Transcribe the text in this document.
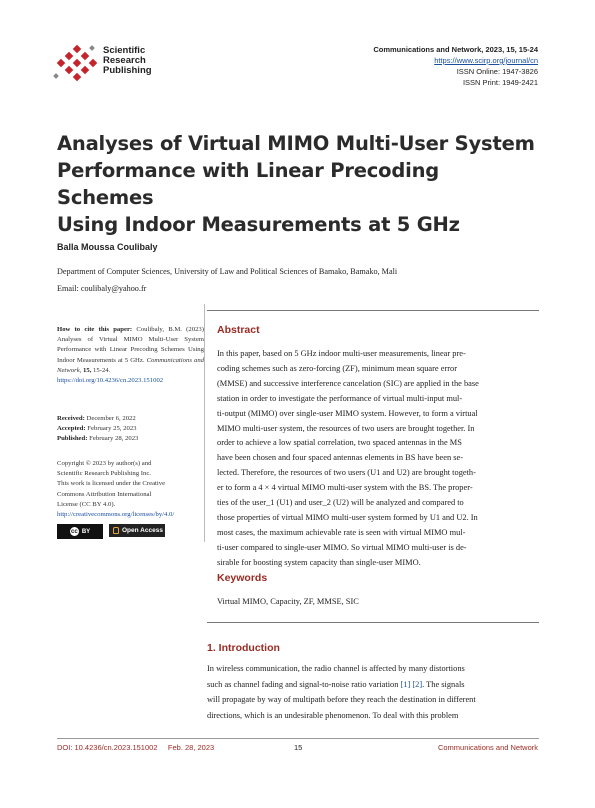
Scientific
Research
Publishing
Communications and Network, 2023, 15, 15-24
https://www.scirp.org/journal/cn
ISSN Online: 1947-3826
ISSN Print: 1949-2421
Analyses of Virtual MIMO Multi-User System
Performance with Linear Precoding Schemes
Using Indoor Measurements at 5 GHz
Balla Moussa Coulibaly
Department of Computer Sciences, University of Law and Political Sciences of Bamako, Bamako, Mali
Email: coulibaly@yahoo.fr
How to cite this paper: Coulibaly, B.M. (2023) Analyses of Virtual MIMO Multi-User System Performance with Linear Precoding Schemes Using Indoor Measurements at 5 GHz. Communications and Network, 15, 15-24.
https://doi.org/10.4236/cn.2023.151002
Received: December 6, 2022
Accepted: February 25, 2023
Published: February 28, 2023
Copyright © 2023 by author(s) and
Scientific Research Publishing Inc.
This work is licensed under the Creative
Commons Attribution International
License (CC BY 4.0).
http://creativecommons.org/licenses/by/4.0/
cc BY	Open Access
Abstract
In this paper, based on 5 GHz indoor multi-user measurements, linear pre-
coding schemes such as zero-forcing (ZF), minimum mean square error
(MMSE) and successive interference cancelation (SIC) are applied in the base
station in order to investigate the performance of virtual multi-input mul-
ti-output (MIMO) over single-user MIMO system. However, to form a virtual
MIMO multi-user system, the resources of two users are brought together. In
order to achieve a low spatial correlation, two spaced antennas in the MS
have been chosen and four spaced antennas elements in BS have been se-
lected. Therefore, the resources of two users (U1 and U2) are brought togeth-
er to form a 4 × 4 virtual MIMO multi-user system with the BS. The proper-
ties of the user_1 (U1) and user_2 (U2) will be analyzed and compared to
those properties of virtual MIMO multi-user system formed by U1 and U2. In
most cases, the maximum achievable rate is seen with virtual MIMO mul-
ti-user compared to single-user MIMO. So virtual MIMO multi-user is de-
sirable for boosting system capacity than single-user MIMO.
Keywords
Virtual MIMO, Capacity, ZF, MMSE, SIC
1. Introduction
In wireless communication, the radio channel is affected by many distortions
such as channel fading and signal-to-noise ratio variation [1] [2]. The signals
will propagate by way of multipath before they reach the destination in different
directions, which is an undesirable phenomenon. To deal with this problem
DOI: 10.4236/cn.2023.151002     Feb. 28, 2023	15	Communications and Network
